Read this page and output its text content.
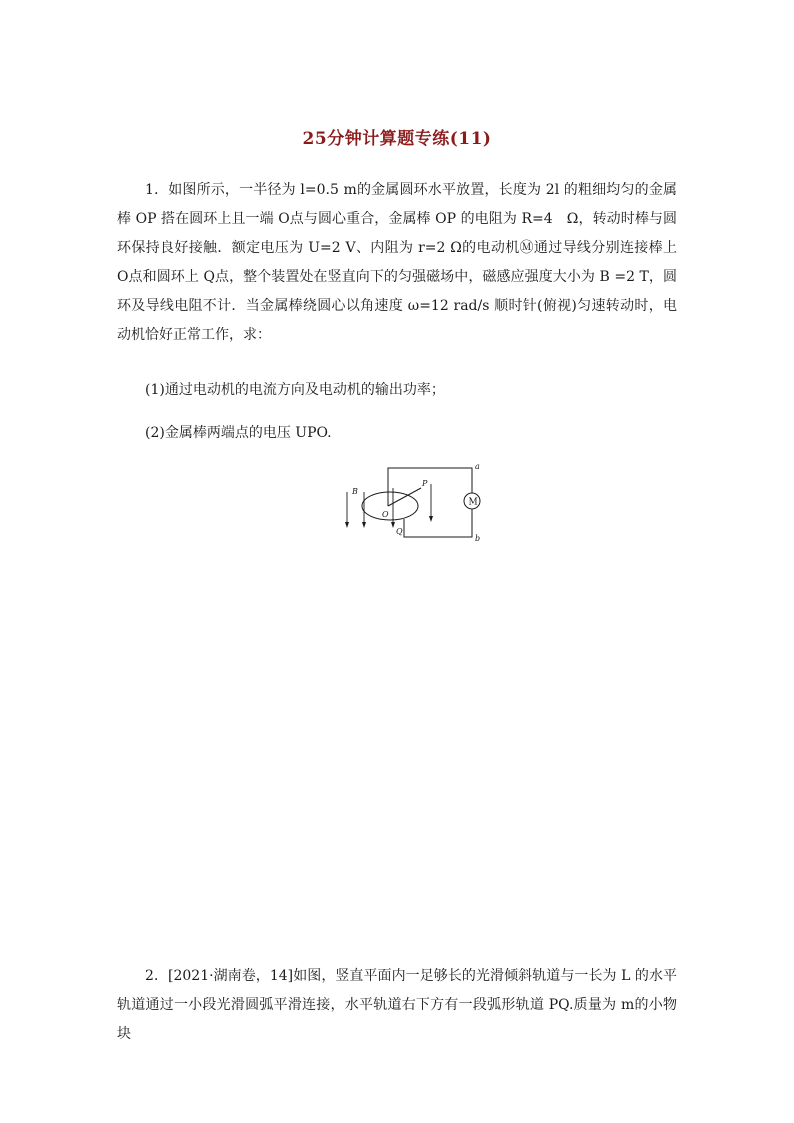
25分钟计算题专练(11)
1．如图所示，一半径为 l=0.5 m的金属圆环水平放置，长度为 2l 的粗细均匀的金属棒 OP 搭在圆环上且一端 O点与圆心重合，金属棒 OP 的电阻为 R=4　Ω，转动时棒与圆环保持良好接触．额定电压为 U=2 V、内阻为 r=2 Ω的电动机Ⓜ通过导线分别连接棒上 O点和圆环上 Q点，整个装置处在竖直向下的匀强磁场中，磁感应强度大小为 B =2 T，圆环及导线电阻不计．当金属棒绕圆心以角速度 ω=12 rad/s 顺时针(俯视)匀速转动时，电动机恰好正常工作，求：
(1)通过电动机的电流方向及电动机的输出功率；
(2)金属棒两端点的电压 UPO.
M
B
P
O
Q
a
b
2．[2021·湖南卷，14]如图，竖直平面内一足够长的光滑倾斜轨道与一长为 L 的水平轨道通过一小段光滑圆弧平滑连接，水平轨道右下方有一段弧形轨道 PQ.质量为 m的小物块
